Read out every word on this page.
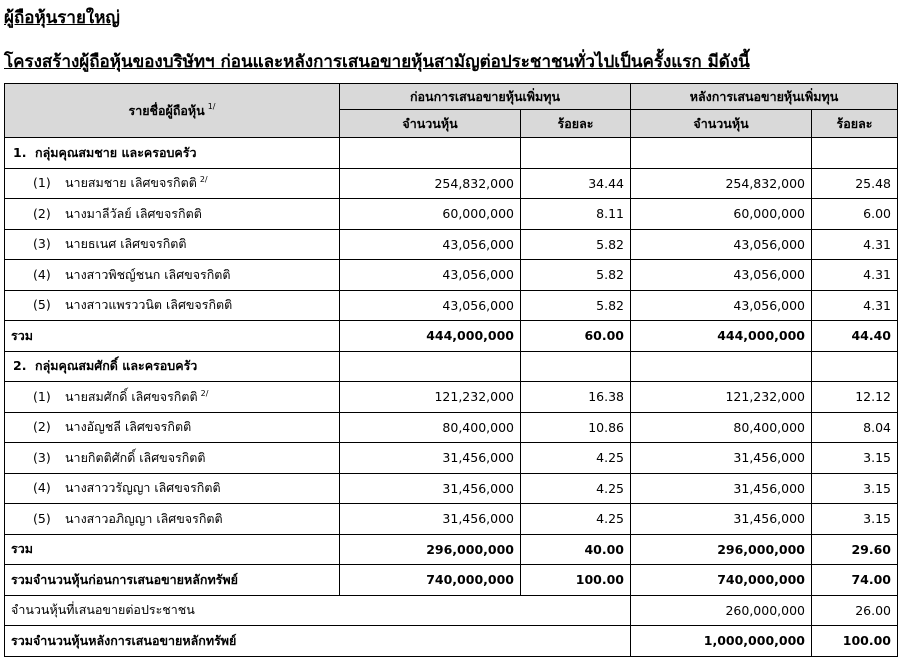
ผู้ถือหุ้นรายใหญ่
โครงสร้างผู้ถือหุ้นของบริษัทฯ ก่อนและหลังการเสนอขายหุ้นสามัญต่อประชาชนทั่วไปเป็นครั้งแรก มีดังนี้
รายชื่อผู้ถือหุ้น $^{1/}$	ก่อนการเสนอขายหุ้นเพิ่มทุน		หลังการเสนอขายหุ้นเพิ่มทุน	
	จำนวนหุ้น	ร้อยละ	จำนวนหุ้น	ร้อยละ
1. กลุ่มคุณสมชาย และครอบครัว				
(1) นายสมชาย เลิศขจรกิตติ $^{2/}$	254,832,000	34.44	254,832,000	25.48
(2) นางมาลีวัลย์ เลิศขจรกิตติ	60,000,000	8.11	60,000,000	6.00
(3) นายธเนศ เลิศขจรกิตติ	43,056,000	5.82	43,056,000	4.31
(4) นางสาวพิชญ์ชนก เลิศขจรกิตติ	43,056,000	5.82	43,056,000	4.31
(5) นางสาวแพรววนิต เลิศขจรกิตติ	43,056,000	5.82	43,056,000	4.31
รวม	444,000,000	60.00	444,000,000	44.40
2. กลุ่มคุณสมศักดิ์ และครอบครัว				
(1) นายสมศักดิ์ เลิศขจรกิตติ $^{2/}$	121,232,000	16.38	121,232,000	12.12
(2) นางอัญชลี เลิศขจรกิตติ	80,400,000	10.86	80,400,000	8.04
(3) นายกิตติศักดิ์ เลิศขจรกิตติ	31,456,000	4.25	31,456,000	3.15
(4) นางสาววรัญญา เลิศขจรกิตติ	31,456,000	4.25	31,456,000	3.15
(5) นางสาวอภิญญา เลิศขจรกิตติ	31,456,000	4.25	31,456,000	3.15
รวม	296,000,000	40.00	296,000,000	29.60
รวมจำนวนหุ้นก่อนการเสนอขายหลักทรัพย์	740,000,000	100.00	740,000,000	74.00
จำนวนหุ้นที่เสนอขายต่อประชาชน			260,000,000	26.00
รวมจำนวนหุ้นหลังการเสนอขายหลักทรัพย์			1,000,000,000	100.00
